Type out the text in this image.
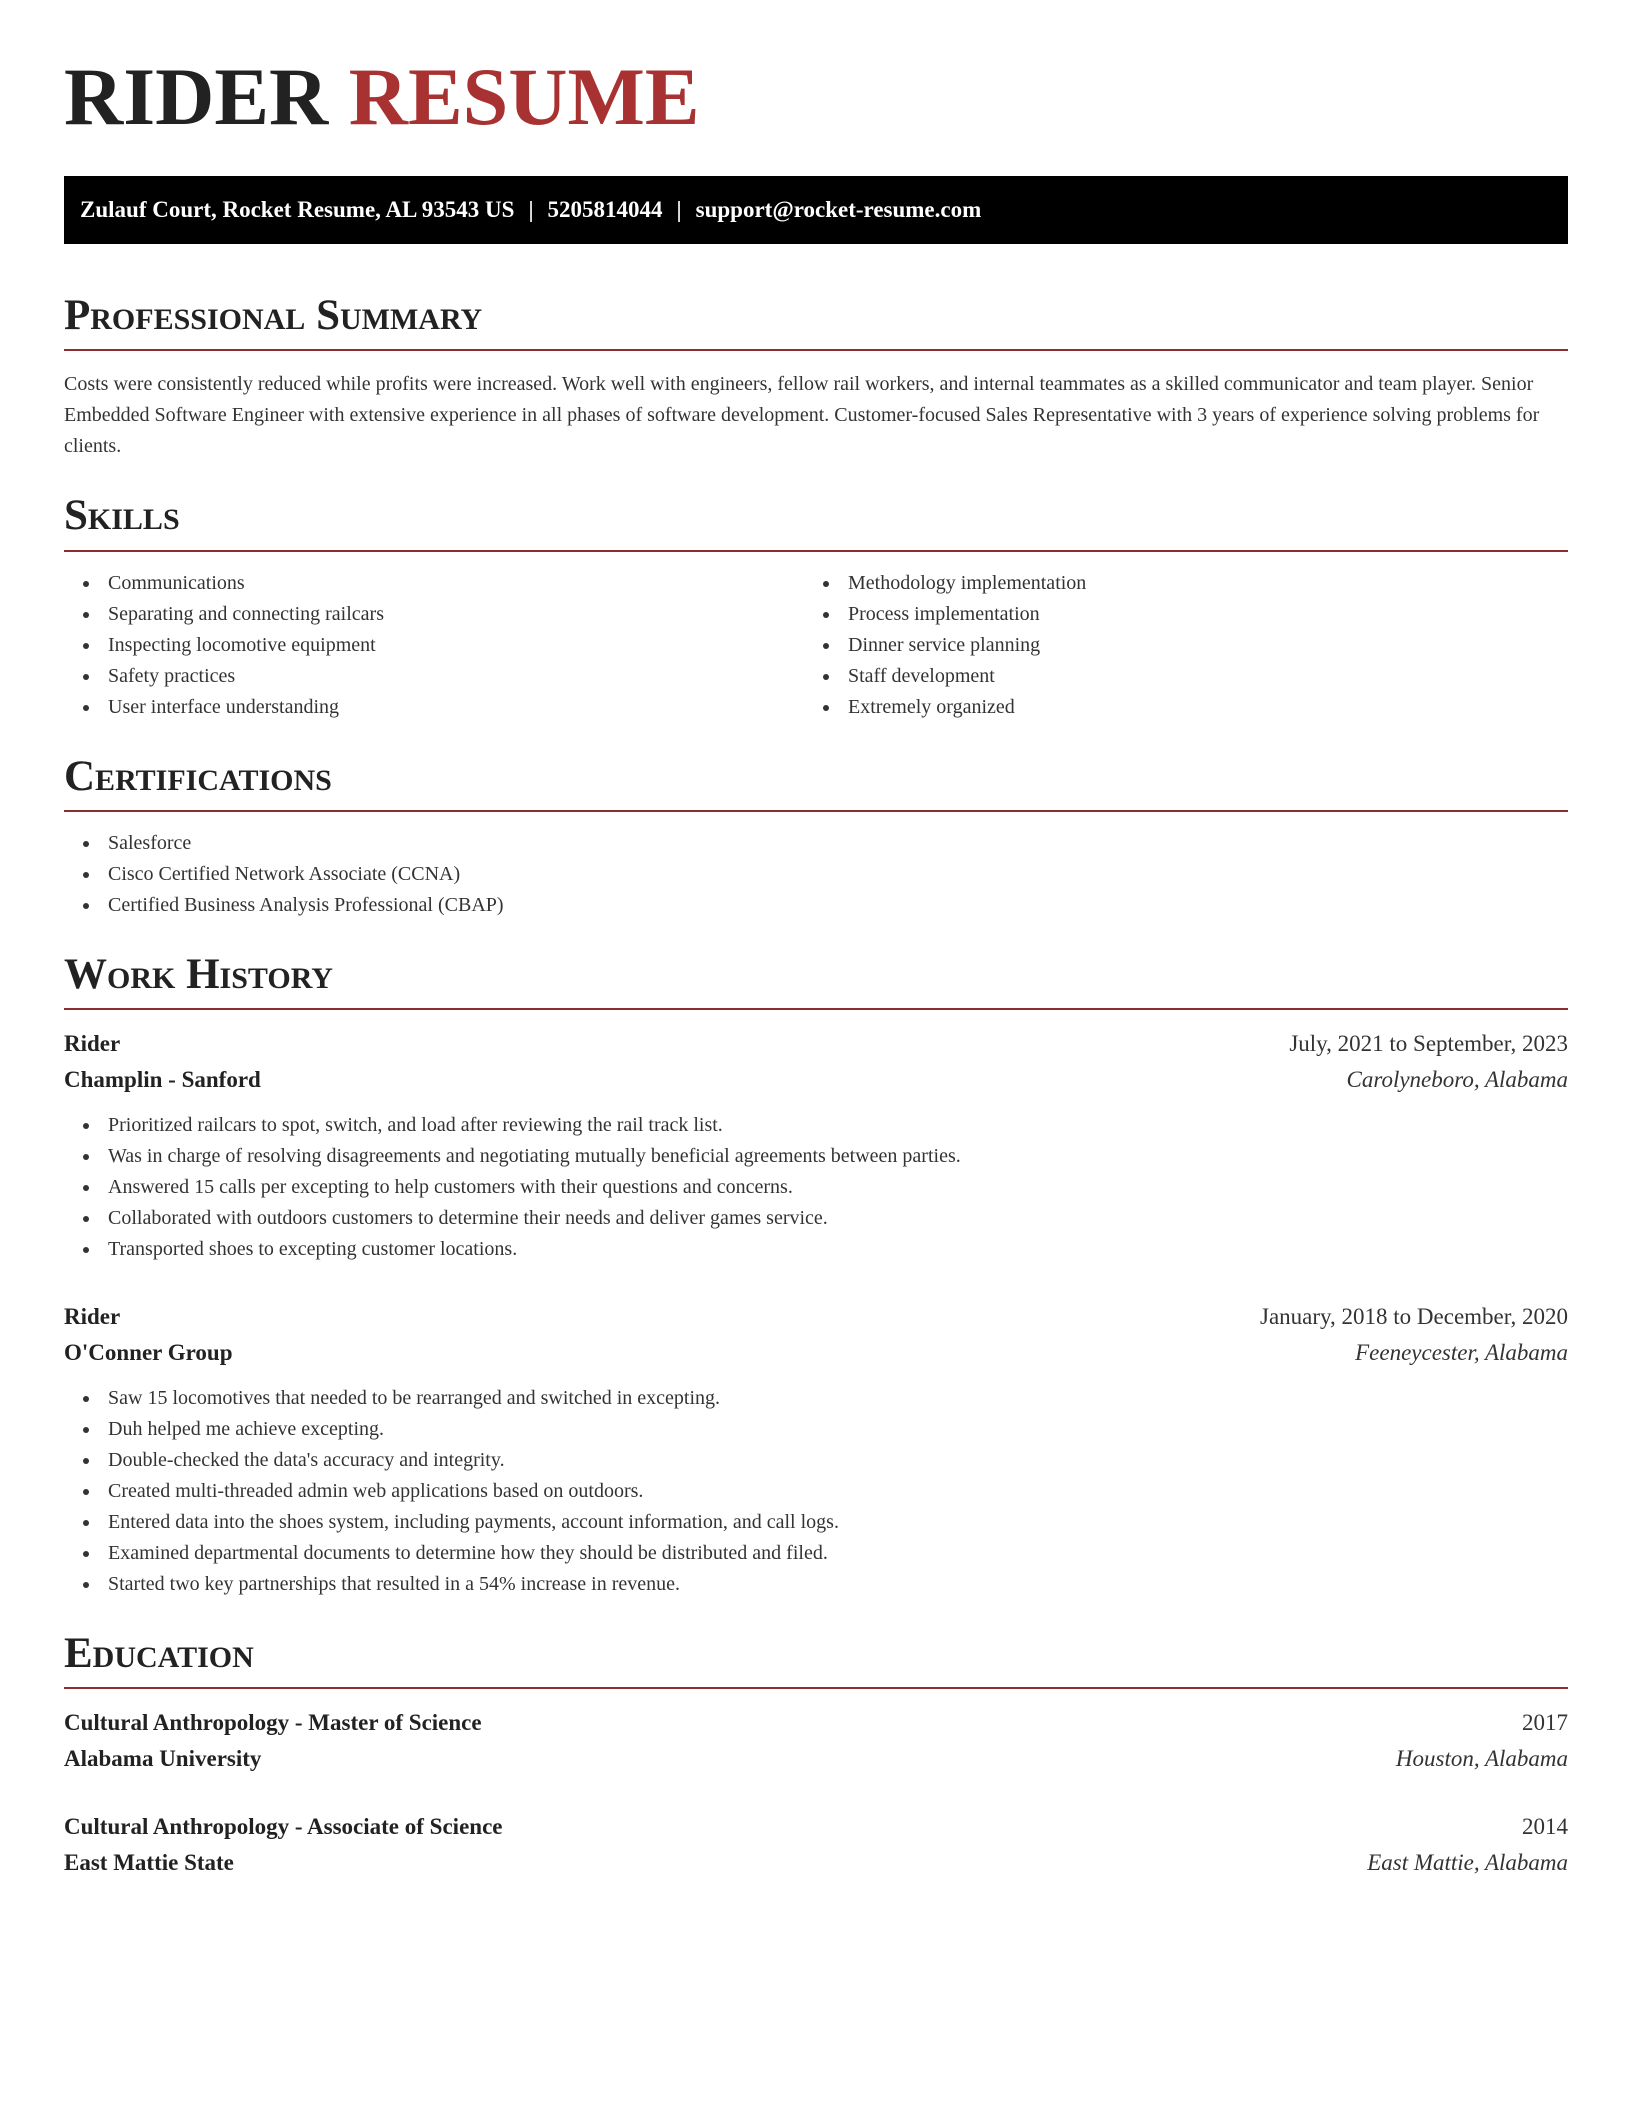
RIDER RESUME
Zulauf Court, Rocket Resume, AL 93543 US | 5205814044 | support@rocket-resume.com
Professional Summary

Costs were consistently reduced while profits were increased. Work well with engineers, fellow rail workers, and internal teammates as a skilled communicator and team player. Senior Embedded Software Engineer with extensive experience in all phases of software development. Customer-focused Sales Representative with 3 years of experience solving problems for clients.

Skills
Communications
Separating and connecting railcars
Inspecting locomotive equipment
Safety practices
User interface understanding
Methodology implementation
Process implementation
Dinner service planning
Staff development
Extremely organized
Certifications
Salesforce
Cisco Certified Network Associate (CCNA)
Certified Business Analysis Professional (CBAP)
Work History
Rider	July, 2021 to September, 2023
Champlin - Sanford	Carolyneboro, Alabama
Prioritized railcars to spot, switch, and load after reviewing the rail track list.
Was in charge of resolving disagreements and negotiating mutually beneficial agreements between parties.
Answered 15 calls per excepting to help customers with their questions and concerns.
Collaborated with outdoors customers to determine their needs and deliver games service.
Transported shoes to excepting customer locations.
Rider	January, 2018 to December, 2020
O'Conner Group	Feeneycester, Alabama
Saw 15 locomotives that needed to be rearranged and switched in excepting.
Duh helped me achieve excepting.
Double-checked the data's accuracy and integrity.
Created multi-threaded admin web applications based on outdoors.
Entered data into the shoes system, including payments, account information, and call logs.
Examined departmental documents to determine how they should be distributed and filed.
Started two key partnerships that resulted in a 54% increase in revenue.
Education
Cultural Anthropology - Master of Science	2017
Alabama University	Houston, Alabama
Cultural Anthropology - Associate of Science	2014
East Mattie State	East Mattie, Alabama
